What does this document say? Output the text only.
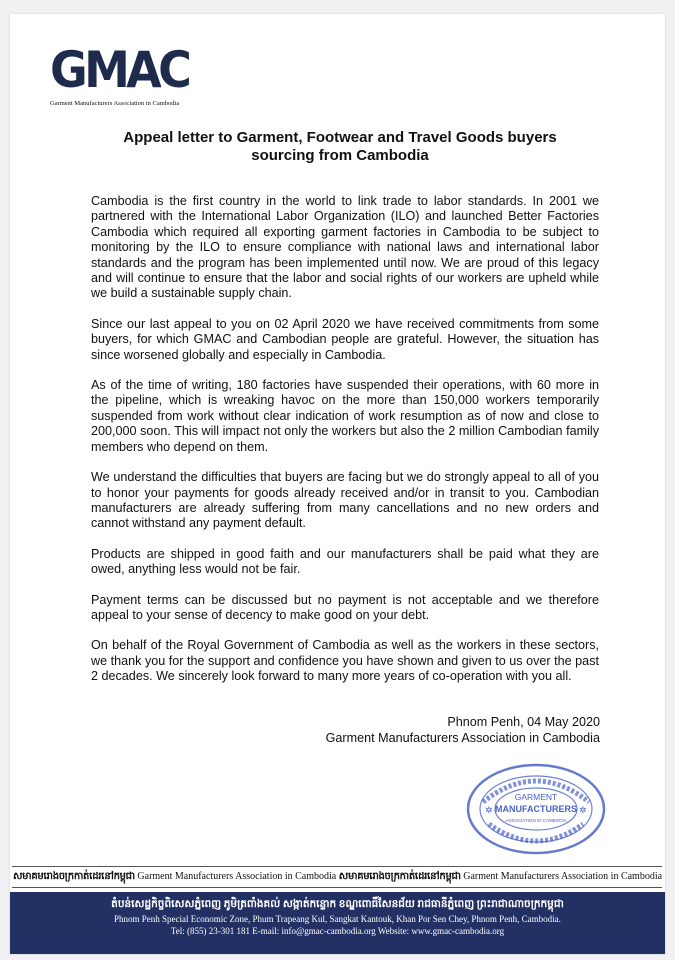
GMAC
Garment Manufacturers Association in Cambodia
Appeal letter to Garment, Footwear and Travel Goods buyers
sourcing from Cambodia

Cambodia is the first country in the world to link trade to labor standards. In 2001 we partnered with the International Labor Organization (ILO) and launched Better Factories Cambodia which required all exporting garment factories in Cambodia to be subject to monitoring by the ILO to ensure compliance with national laws and international labor standards and the program has been implemented until now. We are proud of this legacy and will continue to ensure that the labor and social rights of our workers are upheld while we build a sustainable supply chain.

Since our last appeal to you on 02 April 2020 we have received commitments from some buyers, for which GMAC and Cambodian people are grateful. However, the situation has since worsened globally and especially in Cambodia.

As of the time of writing, 180 factories have suspended their operations, with 60 more in the pipeline, which is wreaking havoc on the more than 150,000 workers temporarily suspended from work without clear indication of work resumption as of now and close to 200,000 soon. This will impact not only the workers but also the 2 million Cambodian family members who depend on them.

We understand the difficulties that buyers are facing but we do strongly appeal to all of you to honor your payments for goods already received and/or in transit to you. Cambodian manufacturers are already suffering from many cancellations and no new orders and cannot withstand any payment default.

Products are shipped in good faith and our manufacturers shall be paid what they are owed, anything less would not be fair.

Payment terms can be discussed but no payment is not acceptable and we therefore appeal to your sense of decency to make good on your debt.

On behalf of the Royal Government of Cambodia as well as the workers in these sectors, we thank you for the support and confidence you have shown and given to us over the past 2 decades. We sincerely look forward to many more years of co-operation with you all.

Phnom Penh, 04 May 2020
Garment Manufacturers Association in Cambodia
✲	✲
GARMENT
MANUFACTURERS
ASSOCIATION IN CAMBODIA
សមាគមរោងចក្រកាត់ដេរនៅកម្ពុជា Garment Manufacturers Association in Cambodia សមាគមរោងចក្រកាត់ដេរនៅកម្ពុជា Garment Manufacturers Association in Cambodia
តំបន់សេដ្ឋកិច្ចពិសេសភ្នំពេញ ភូមិត្រពាំងគល់ សង្កាត់កន្ទោក ខណ្ឌពោធិ៍សែនជ័យ រាជធានីភ្នំពេញ ព្រះរាជាណាចក្រកម្ពុជា
Phnom Penh Special Economic Zone, Phum Trapeang Kul, Sangkat Kantouk, Khan Por Sen Chey, Phnom Penh, Cambodia.
Tel: (855) 23-301 181 E-mail: info@gmac-cambodia.org Website: www.gmac-cambodia.org
